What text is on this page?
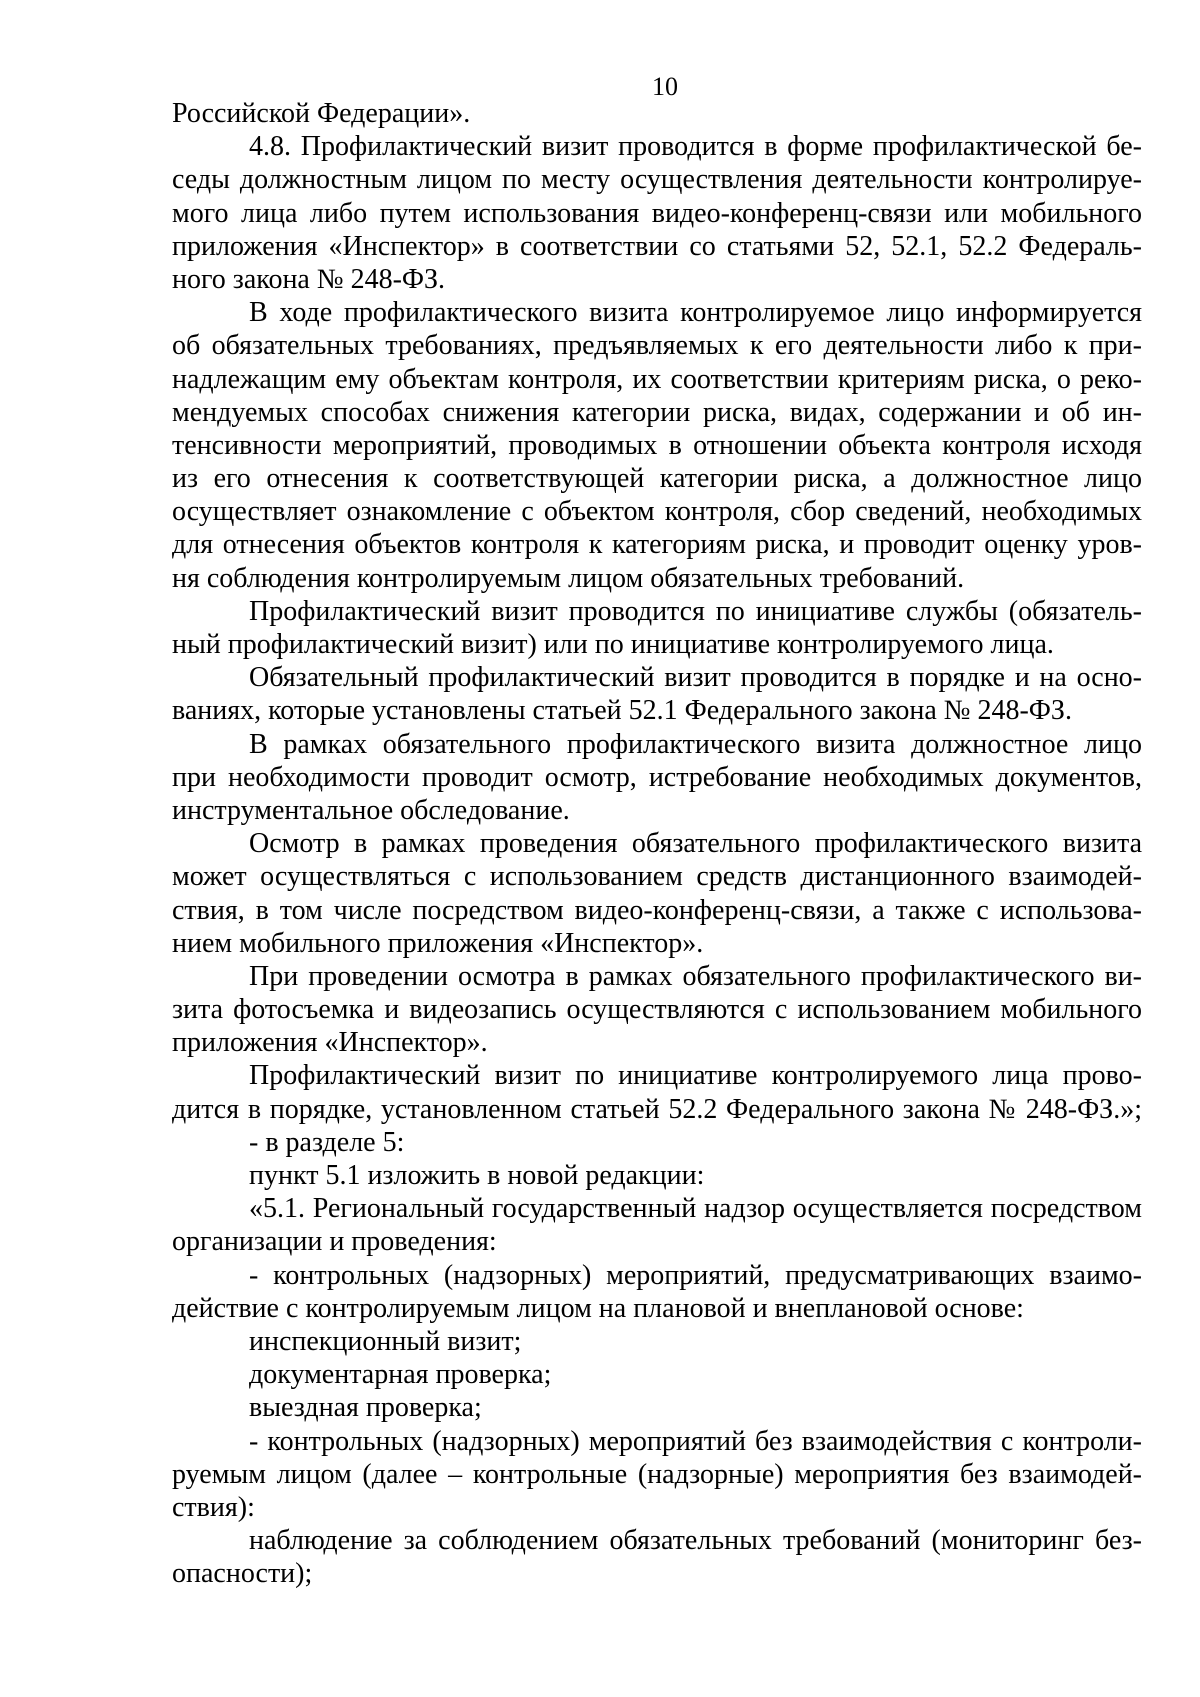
10
Российской Федерации».
4.8. Профилактический визит проводится в форме профилактической бе-
седы должностным лицом по месту осуществления деятельности контролируе-
мого лица либо путем использования видео-конференц-связи или мобильного
приложения «Инспектор» в соответствии со статьями 52, 52.1, 52.2 Федераль-
ного закона № 248-ФЗ.
В ходе профилактического визита контролируемое лицо информируется
об обязательных требованиях, предъявляемых к его деятельности либо к при-
надлежащим ему объектам контроля, их соответствии критериям риска, о реко-
мендуемых способах снижения категории риска, видах, содержании и об ин-
тенсивности мероприятий, проводимых в отношении объекта контроля исходя
из его отнесения к соответствующей категории риска, а должностное лицо
осуществляет ознакомление с объектом контроля, сбор сведений, необходимых
для отнесения объектов контроля к категориям риска, и проводит оценку уров-
ня соблюдения контролируемым лицом обязательных требований.
Профилактический визит проводится по инициативе службы (обязатель-
ный профилактический визит) или по инициативе контролируемого лица.
Обязательный профилактический визит проводится в порядке и на осно-
ваниях, которые установлены статьей 52.1 Федерального закона № 248-ФЗ.
В рамках обязательного профилактического визита должностное лицо
при необходимости проводит осмотр, истребование необходимых документов,
инструментальное обследование.
Осмотр в рамках проведения обязательного профилактического визита
может осуществляться с использованием средств дистанционного взаимодей-
ствия, в том числе посредством видео-конференц-связи, а также с использова-
нием мобильного приложения «Инспектор».
При проведении осмотра в рамках обязательного профилактического ви-
зита фотосъемка и видеозапись осуществляются с использованием мобильного
приложения «Инспектор».
Профилактический визит по инициативе контролируемого лица прово-
дится в порядке, установленном статьей 52.2 Федерального закона № 248-ФЗ.»;
- в разделе 5:
пункт 5.1 изложить в новой редакции:
«5.1. Региональный государственный надзор осуществляется посредством
организации и проведения:
- контрольных (надзорных) мероприятий, предусматривающих взаимо-
действие с контролируемым лицом на плановой и внеплановой основе:
инспекционный визит;
документарная проверка;
выездная проверка;
- контрольных (надзорных) мероприятий без взаимодействия с контроли-
руемым лицом (далее – контрольные (надзорные) мероприятия без взаимодей-
ствия):
наблюдение за соблюдением обязательных требований (мониторинг без-
опасности);
